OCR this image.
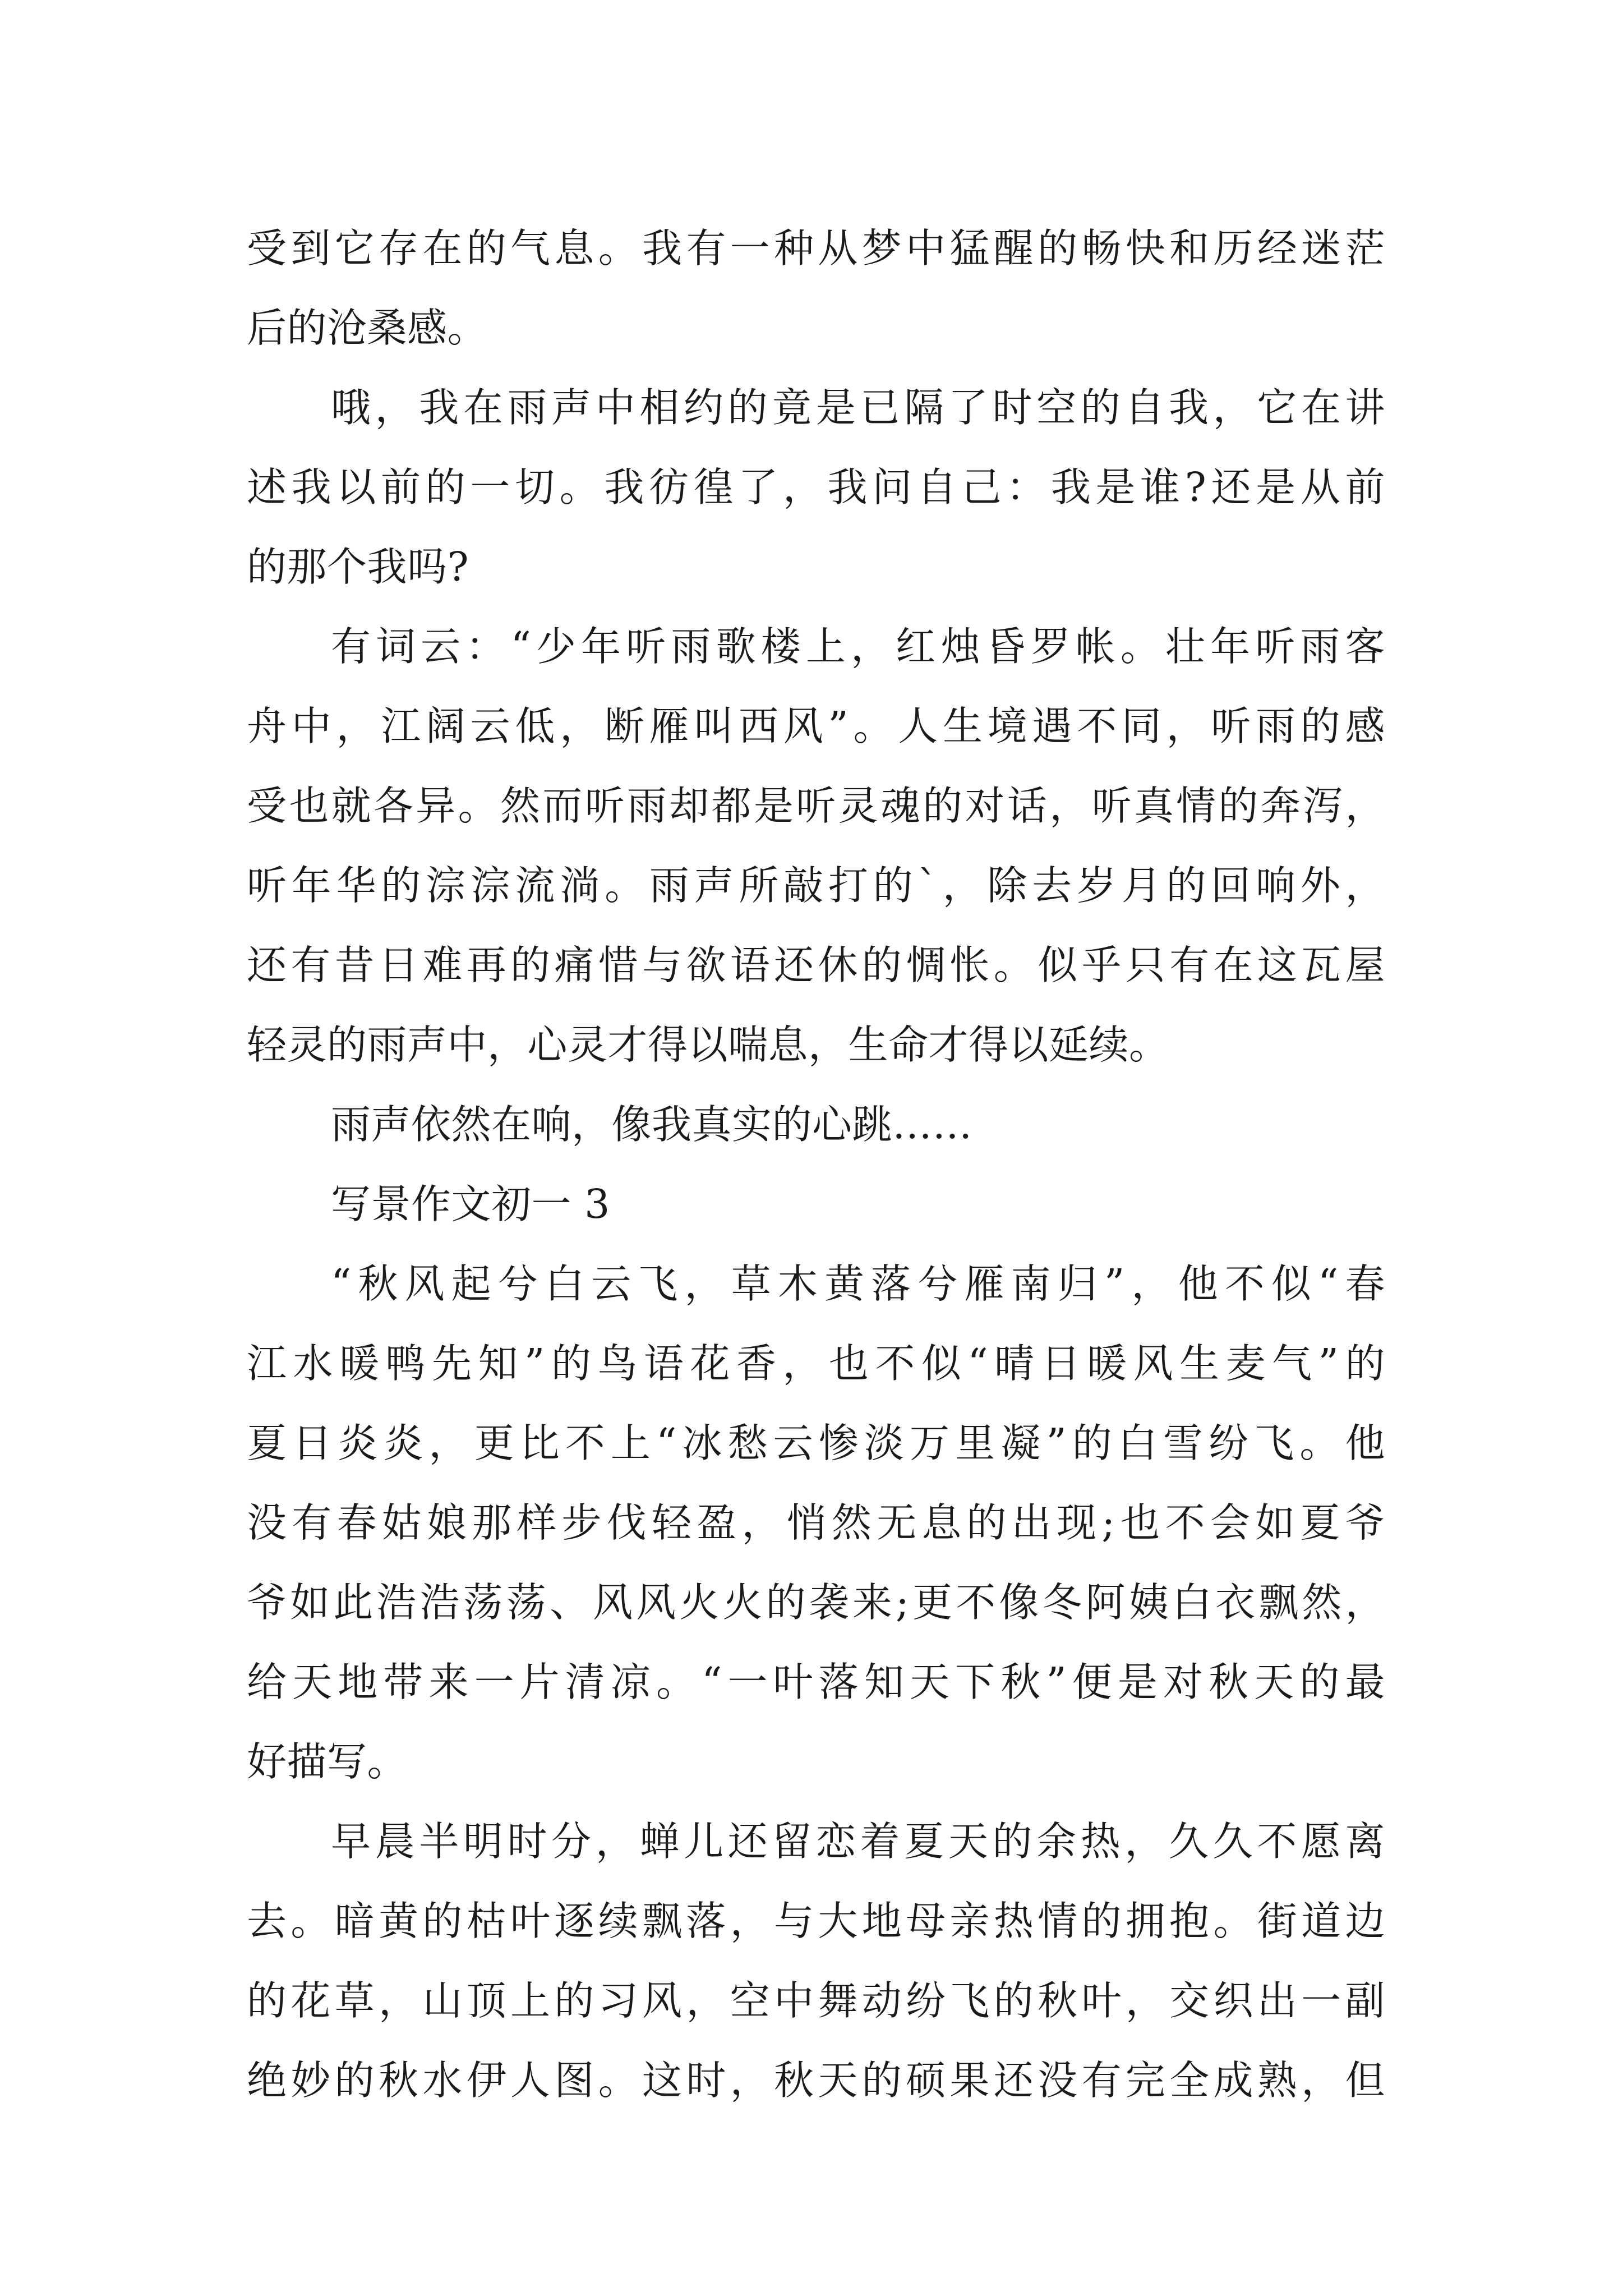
受到它存在的气息。我有一种从梦中猛醒的畅快和历经迷茫
后的沧桑感。
哦，我在雨声中相约的竟是已隔了时空的自我，它在讲
述我以前的一切。我彷徨了，我问自己：我是谁?还是从前
的那个我吗?
有词云：“少年听雨歌楼上，红烛昏罗帐。壮年听雨客
舟中，江阔云低，断雁叫西风”。人生境遇不同，听雨的感
受也就各异。然而听雨却都是听灵魂的对话，听真情的奔泻，
听年华的淙淙流淌。雨声所敲打的`，除去岁月的回响外，
还有昔日难再的痛惜与欲语还休的惆怅。似乎只有在这瓦屋
轻灵的雨声中，心灵才得以喘息，生命才得以延续。
雨声依然在响，像我真实的心跳……
写景作文初一 3
“秋风起兮白云飞，草木黄落兮雁南归”，他不似“春
江水暖鸭先知”的鸟语花香，也不似“晴日暖风生麦气”的
夏日炎炎，更比不上“冰愁云惨淡万里凝”的白雪纷飞。他
没有春姑娘那样步伐轻盈，悄然无息的出现;也不会如夏爷
爷如此浩浩荡荡、风风火火的袭来;更不像冬阿姨白衣飘然，
给天地带来一片清凉。“一叶落知天下秋”便是对秋天的最
好描写。
早晨半明时分，蝉儿还留恋着夏天的余热，久久不愿离
去。暗黄的枯叶逐续飘落，与大地母亲热情的拥抱。街道边
的花草，山顶上的习风，空中舞动纷飞的秋叶，交织出一副
绝妙的秋水伊人图。这时，秋天的硕果还没有完全成熟，但
